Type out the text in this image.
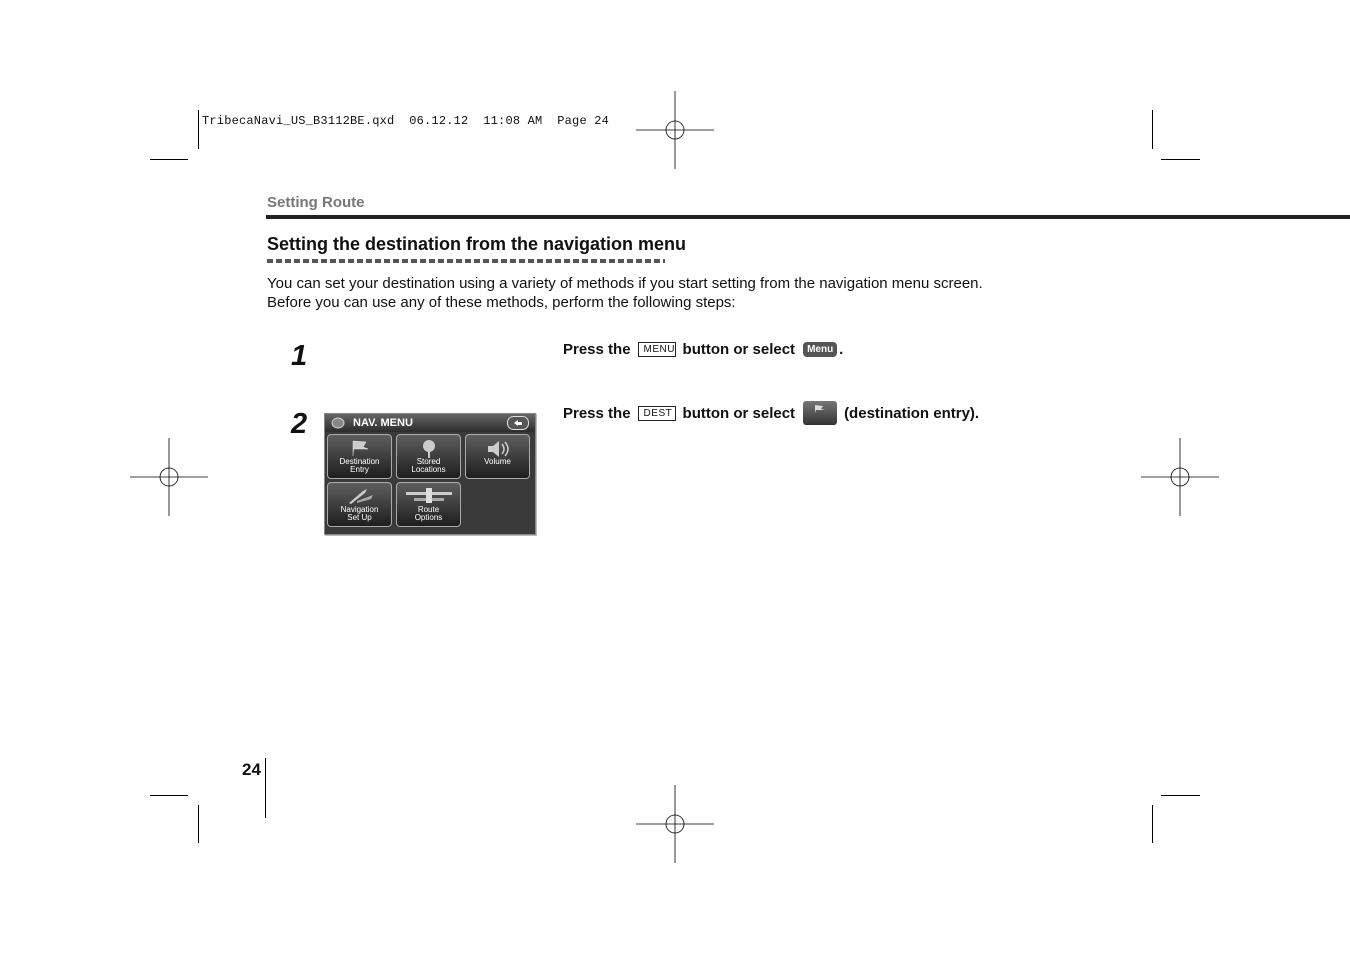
TribecaNavi_US_B3112BE.qxd  06.12.12  11:08 AM  Page 24
Setting Route
Setting the destination from the navigation menu
You can set your destination using a variety of methods if you start setting from the navigation menu screen.
Before you can use any of these methods, perform the following steps:
1	Press the	MENU button or select	Menu .
2	Press the	DEST button or select	(destination entry).
NAV. MENU
Destination
Entry
Stored
Locations
Volume
Navigation
Set Up
Route
Options
24
